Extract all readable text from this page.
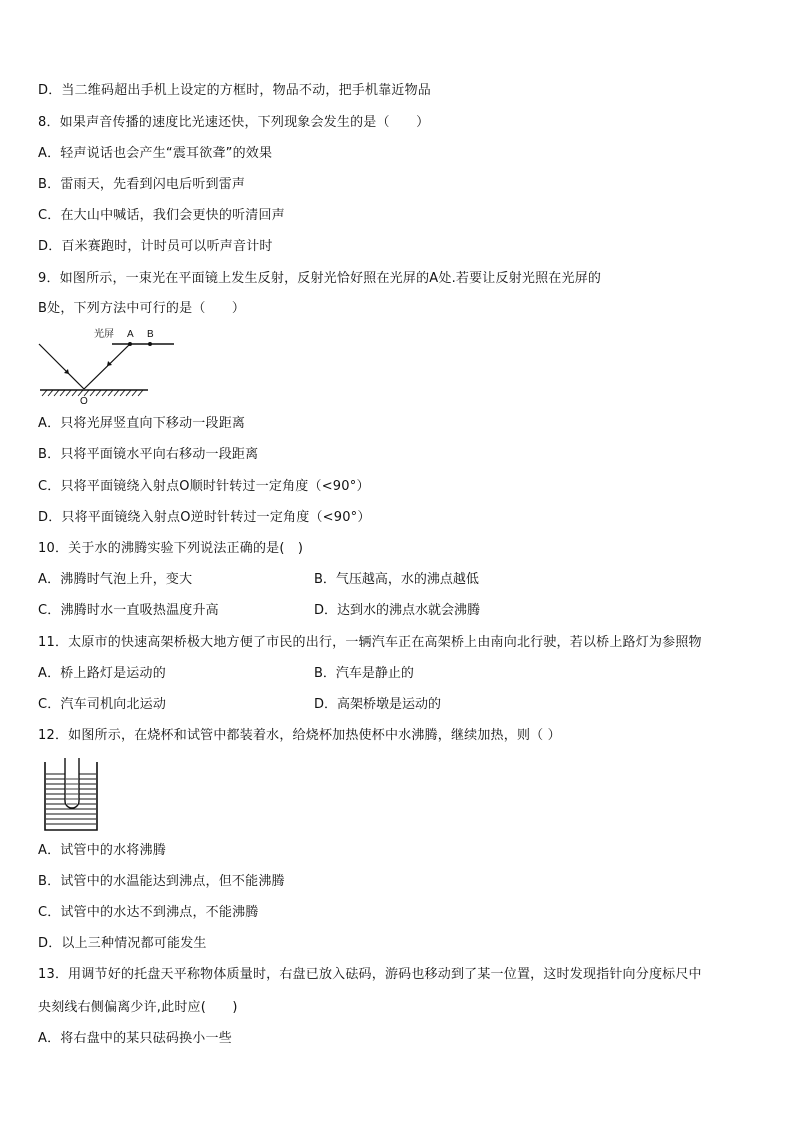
D．当二维码超出手机上设定的方框时，物品不动，把手机靠近物品
8．如果声音传播的速度比光速还快，下列现象会发生的是（　　）
A．轻声说话也会产生“震耳欲聋”的效果
B．雷雨天，先看到闪电后听到雷声
C．在大山中喊话，我们会更快的听清回声
D．百米赛跑时，计时员可以听声音计时
9．如图所示，一束光在平面镜上发生反射，反射光恰好照在光屏的A处.若要让反射光照在光屏的
B处，下列方法中可行的是（　　）
光屏 A B
O
A．只将光屏竖直向下移动一段距离
B．只将平面镜水平向右移动一段距离
C．只将平面镜绕入射点O顺时针转过一定角度（<90°）
D．只将平面镜绕入射点O逆时针转过一定角度（<90°）
10．关于水的沸腾实验下列说法正确的是(　)
A．沸腾时气泡上升，变大	B．气压越高，水的沸点越低
C．沸腾时水一直吸热温度升高	D．达到水的沸点水就会沸腾
11．太原市的快速高架桥极大地方便了市民的出行，一辆汽车正在高架桥上由南向北行驶，若以桥上路灯为参照物
A．桥上路灯是运动的	B．汽车是静止的
C．汽车司机向北运动	D．高架桥墩是运动的
12．如图所示，在烧杯和试管中都装着水，给烧杯加热使杯中水沸腾，继续加热，则（ ）
A．试管中的水将沸腾
B．试管中的水温能达到沸点，但不能沸腾
C．试管中的水达不到沸点，不能沸腾
D．以上三种情况都可能发生
13．用调节好的托盘天平称物体质量时，右盘已放入砝码，游码也移动到了某一位置，这时发现指针向分度标尺中
央刻线右侧偏离少许,此时应(　　)
A．将右盘中的某只砝码换小一些
